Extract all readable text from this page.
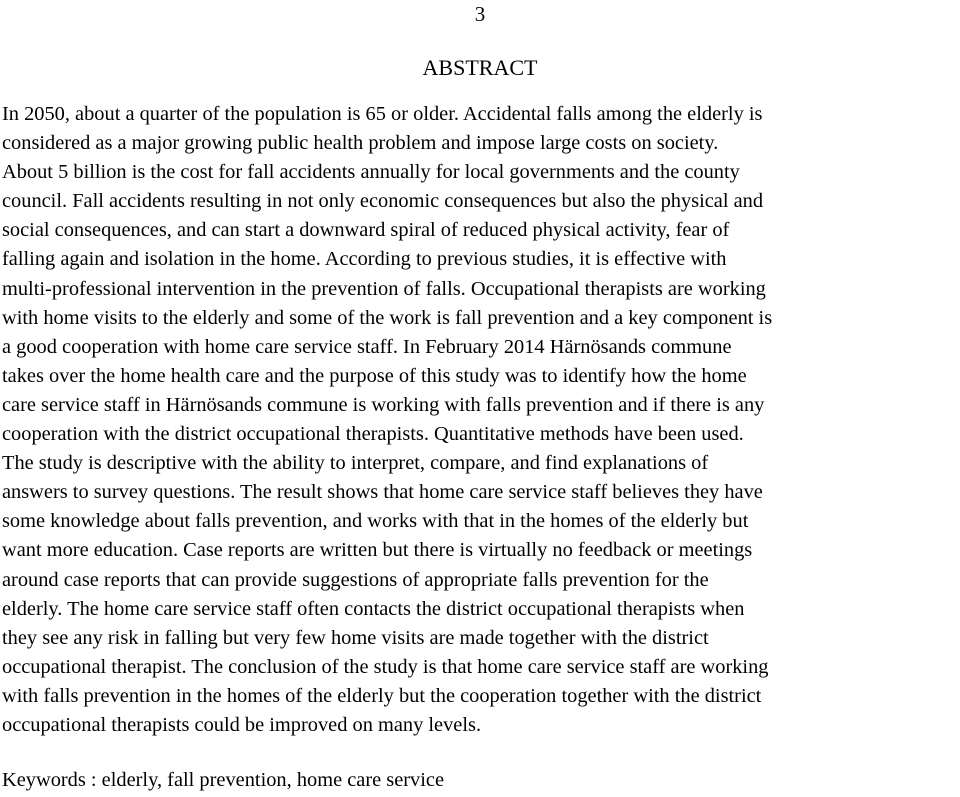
3
ABSTRACT
In 2050, about a quarter of the population is 65 or older. Accidental falls among the elderly is
considered as a major growing public health problem and impose large costs on society.
About 5 billion is the cost for fall accidents annually for local governments and the county
council. Fall accidents resulting in not only economic consequences but also the physical and
social consequences, and can start a downward spiral of reduced physical activity, fear of
falling again and isolation in the home. According to previous studies, it is effective with
multi-professional intervention in the prevention of falls. Occupational therapists are working
with home visits to the elderly and some of the work is fall prevention and a key component is
a good cooperation with home care service staff. In February 2014 Härnösands commune
takes over the home health care and the purpose of this study was to identify how the home
care service staff in Härnösands commune is working with falls prevention and if there is any
cooperation with the district occupational therapists. Quantitative methods have been used.
The study is descriptive with the ability to interpret, compare, and find explanations of
answers to survey questions. The result shows that home care service staff believes they have
some knowledge about falls prevention, and works with that in the homes of the elderly but
want more education. Case reports are written but there is virtually no feedback or meetings
around case reports that can provide suggestions of appropriate falls prevention for the
elderly. The home care service staff often contacts the district occupational therapists when
they see any risk in falling but very few home visits are made together with the district
occupational therapist. The conclusion of the study is that home care service staff are working
with falls prevention in the homes of the elderly but the cooperation together with the district
occupational therapists could be improved on many levels.
Keywords : elderly, fall prevention, home care service
